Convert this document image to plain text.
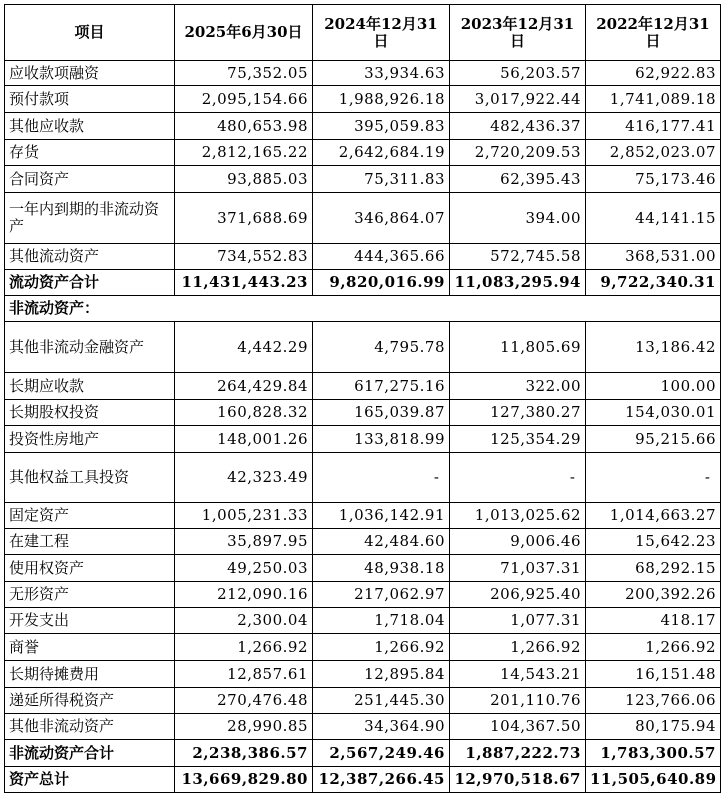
项目	2025年6月30日	2024年12月31日	2023年12月31日	2022年12月31日
应收款项融资	75,352.05	33,934.63	56,203.57	62,922.83
预付款项	2,095,154.66	1,988,926.18	3,017,922.44	1,741,089.18
其他应收款	480,653.98	395,059.83	482,436.37	416,177.41
存货	2,812,165.22	2,642,684.19	2,720,209.53	2,852,023.07
合同资产	93,885.03	75,311.83	62,395.43	75,173.46
一年内到期的非流动资产	371,688.69	346,864.07	394.00	44,141.15
其他流动资产	734,552.83	444,365.66	572,745.58	368,531.00
流动资产合计	11,431,443.23	9,820,016.99	11,083,295.94	9,722,340.31
非流动资产：				
其他非流动金融资产	4,442.29	4,795.78	11,805.69	13,186.42
长期应收款	264,429.84	617,275.16	322.00	100.00
长期股权投资	160,828.32	165,039.87	127,380.27	154,030.01
投资性房地产	148,001.26	133,818.99	125,354.29	95,215.66
其他权益工具投资	42,323.49	-	-	-
固定资产	1,005,231.33	1,036,142.91	1,013,025.62	1,014,663.27
在建工程	35,897.95	42,484.60	9,006.46	15,642.23
使用权资产	49,250.03	48,938.18	71,037.31	68,292.15
无形资产	212,090.16	217,062.97	206,925.40	200,392.26
开发支出	2,300.04	1,718.04	1,077.31	418.17
商誉	1,266.92	1,266.92	1,266.92	1,266.92
长期待摊费用	12,857.61	12,895.84	14,543.21	16,151.48
递延所得税资产	270,476.48	251,445.30	201,110.76	123,766.06
其他非流动资产	28,990.85	34,364.90	104,367.50	80,175.94
非流动资产合计	2,238,386.57	2,567,249.46	1,887,222.73	1,783,300.57
资产总计	13,669,829.80	12,387,266.45	12,970,518.67	11,505,640.89
